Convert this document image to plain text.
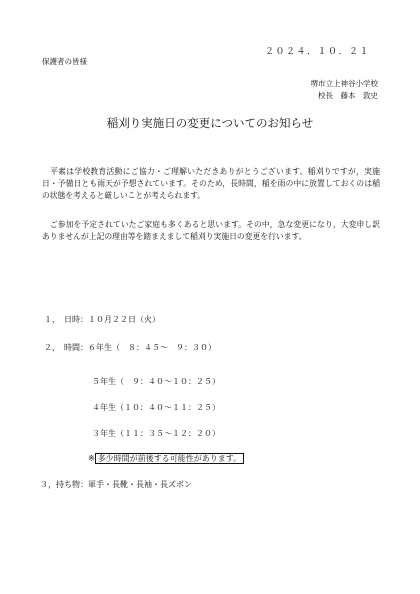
２０２４．１０．２１
保護者の皆様
堺市立上神谷小学校
校長　藤本　敦史
稲刈り実施日の変更についてのお知らせ
　平素は学校教育活動にご協力・ご理解いただきありがとうございます。稲刈りですが，実施日・予備日とも雨天が予想されています。そのため，長時間，稲を雨の中に放置しておくのは稲の状態を考えると厳しいことが考えられます。
　ご参加を予定されていたご家庭も多くあると思います。その中，急な変更になり，大変申し訳ありませんが上記の理由等を踏まえまして稲刈り実施日の変更を行います。
１，　日時：１０月２２日（火）
２，　時間：６年生（　８：４５〜　９：３０）
５年生（　９：４０〜１０：２５）
４年生（１０：４０〜１１：２５）
３年生（１１：３５〜１２：２０）
※ 多少時間が前後する可能性があります。
３，持ち物：軍手・長靴・長袖・長ズボン
